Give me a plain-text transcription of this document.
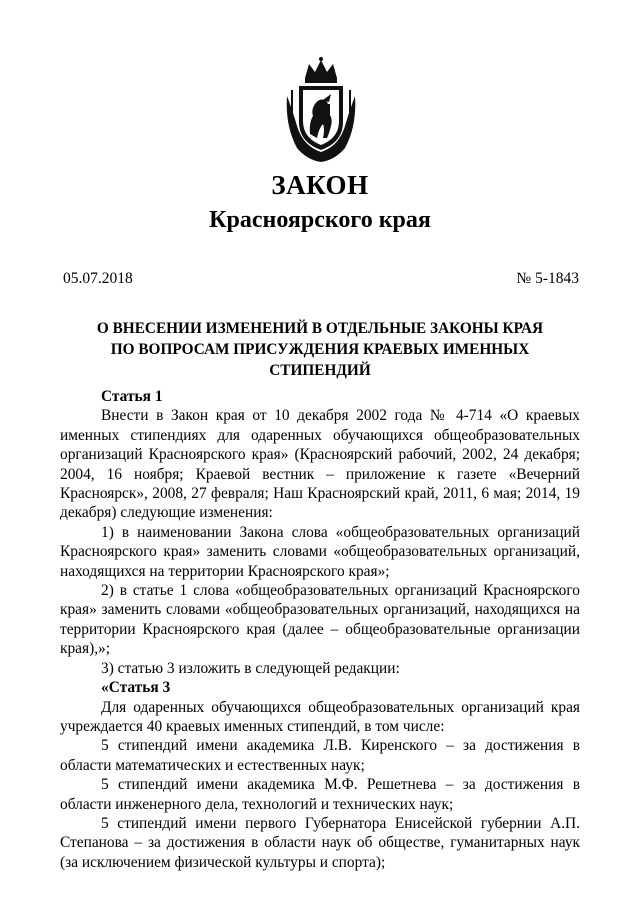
ЗАКОН
Красноярского края
05.07.2018	№ 5-1843
О ВНЕСЕНИИ ИЗМЕНЕНИЙ В ОТДЕЛЬНЫЕ ЗАКОНЫ КРАЯ
ПО ВОПРОСАМ ПРИСУЖДЕНИЯ КРАЕВЫХ ИМЕННЫХ СТИПЕНДИЙ

Статья 1

Внести в Закон края от 10 декабря 2002 года № 4-714 «О краевых именных стипендиях для одаренных обучающихся общеобразовательных организаций Красноярского края» (Красноярский рабочий, 2002, 24 декабря; 2004, 16 ноября; Краевой вестник – приложение к газете «Вечерний Красноярск», 2008, 27 февраля; Наш Красноярский край, 2011, 6 мая; 2014, 19 декабря) следующие изменения:

1) в наименовании Закона слова «общеобразовательных организаций Красноярского края» заменить словами «общеобразовательных организаций, находящихся на территории Красноярского края»;

2) в статье 1 слова «общеобразовательных организаций Красноярского края» заменить словами «общеобразовательных организаций, находящихся на территории Красноярского края (далее – общеобразовательные организации края),»;

3) статью 3 изложить в следующей редакции:

«Статья 3

Для одаренных обучающихся общеобразовательных организаций края учреждается 40 краевых именных стипендий, в том числе:

5 стипендий имени академика Л.В. Киренского – за достижения в области математических и естественных наук;

5 стипендий имени академика М.Ф. Решетнева – за достижения в области инженерного дела, технологий и технических наук;

5 стипендий имени первого Губернатора Енисейской губернии А.П. Степанова – за достижения в области наук об обществе, гуманитарных наук (за исключением физической культуры и спорта);
